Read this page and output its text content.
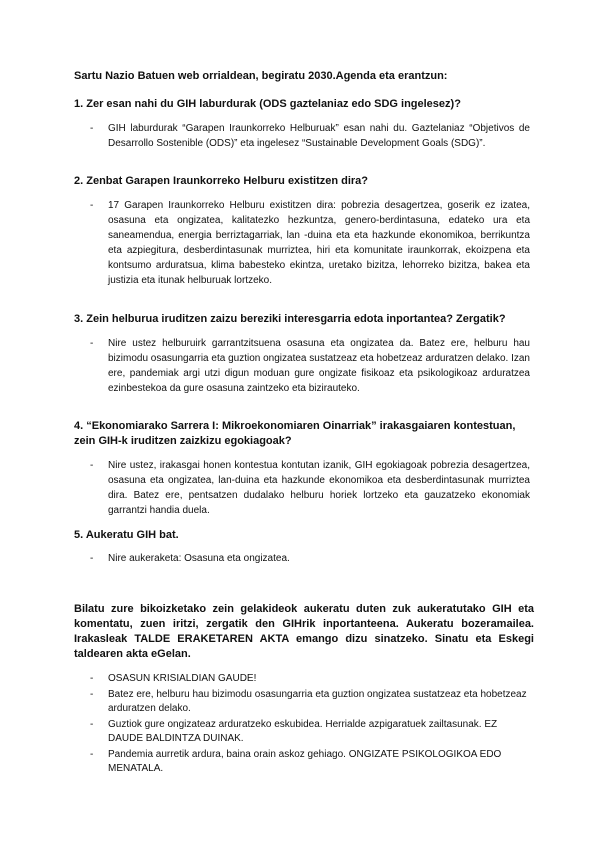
Sartu Nazio Batuen web orrialdean, begiratu 2030.Agenda eta erantzun:
1. Zer esan nahi du GIH laburdurak (ODS gaztelaniaz edo SDG ingelesez)?
- GIH laburdurak “Garapen Iraunkorreko Helburuak” esan nahi du. Gaztelaniaz “Objetivos de Desarrollo Sostenible (ODS)” eta ingelesez “Sustainable Development Goals (SDG)”.
2. Zenbat Garapen Iraunkorreko Helburu existitzen dira?
- 17 Garapen Iraunkorreko Helburu existitzen dira: pobrezia desagertzea, goserik ez izatea, osasuna eta ongizatea, kalitatezko hezkuntza, genero-berdintasuna, edateko ura eta saneamendua, energia berriztagarriak, lan -duina eta eta hazkunde ekonomikoa, berrikuntza eta azpiegitura, desberdintasunak murriztea, hiri eta komunitate iraunkorrak, ekoizpena eta kontsumo arduratsua, klima babesteko ekintza, uretako bizitza, lehorreko bizitza, bakea eta justizia eta itunak helburuak lortzeko.
3. Zein helburua iruditzen zaizu bereziki interesgarria edota inportantea? Zergatik?
- Nire ustez helburuirk garrantzitsuena osasuna eta ongizatea da. Batez ere, helburu hau bizimodu osasungarria eta guztion ongizatea sustatzeaz eta hobetzeaz arduratzen delako. Izan ere, pandemiak argi utzi digun moduan gure ongizate fisikoaz eta psikologikoaz arduratzea ezinbestekoa da gure osasuna zaintzeko eta bizirauteko.
4. “Ekonomiarako Sarrera I: Mikroekonomiaren Oinarriak” irakasgaiaren kontestuan, zein GIH-k iruditzen zaizkizu egokiagoak?
- Nire ustez, irakasgai honen kontestua kontutan izanik, GIH egokiagoak pobrezia desagertzea, osasuna eta ongizatea, lan-duina eta hazkunde ekonomikoa eta desberdintasunak murriztea dira. Batez ere, pentsatzen dudalako helburu horiek lortzeko eta gauzatzeko ekonomiak garrantzi handia duela.
5. Aukeratu GIH bat.
- Nire aukeraketa: Osasuna eta ongizatea.
Bilatu zure bikoizketako zein gelakideok aukeratu duten zuk aukeratutako GIH eta komentatu, zuen iritzi, zergatik den GIHrik inportanteena. Aukeratu bozeramailea. Irakasleak TALDE ERAKETAREN AKTA emango dizu sinatzeko. Sinatu eta Eskegi taldearen akta eGelan.
- OSASUN KRISIALDIAN GAUDE!
- Batez ere, helburu hau bizimodu osasungarria eta guztion ongizatea sustatzeaz eta hobetzeaz arduratzen delako.
- Guztiok gure ongizateaz arduratzeko eskubidea. Herrialde azpigaratuek zailtasunak. EZ DAUDE BALDINTZA DUINAK.
- Pandemia aurretik ardura, baina orain askoz gehiago. ONGIZATE PSIKOLOGIKOA EDO MENATALA.
